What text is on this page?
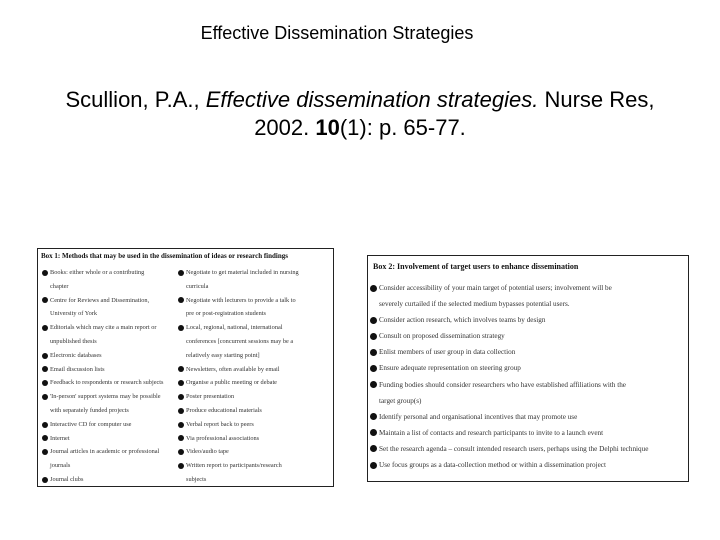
Effective Dissemination Strategies
Scullion, P.A., Effective dissemination strategies. Nurse Res,
2002. 10(1): p. 65-77.
Box 1: Methods that may be used in the dissemination of ideas or research findings
Books: either whole or a contributing
chapter
Centre for Reviews and Dissemination,
University of York
Editorials which may cite a main report or
unpublished thesis
Electronic databases
Email discussion lists
Feedback to respondents or research subjects
'In-person' support systems may be possible
with separately funded projects
Interactive CD for computer use
Internet
Journal articles in academic or professional
journals
Journal clubs
Negotiate to get material included in nursing
curricula
Negotiate with lecturers to provide a talk to
pre or post-registration students
Local, regional, national, international
conferences [concurrent sessions may be a
relatively easy starting point]
Newsletters, often available by email
Organise a public meeting or debate
Poster presentation
Produce educational materials
Verbal report back to peers
Via professional associations
Video/audio tape
Written report to participants/research
subjects
Box 2: Involvement of target users to enhance dissemination
Consider accessibility of your main target of potential users; involvement will be
severely curtailed if the selected medium bypasses potential users.
Consider action research, which involves teams by design
Consult on proposed dissemination strategy
Enlist members of user group in data collection
Ensure adequate representation on steering group
Funding bodies should consider researchers who have established affiliations with the
target group(s)
Identify personal and organisational incentives that may promote use
Maintain a list of contacts and research participants to invite to a launch event
Set the research agenda – consult intended research users, perhaps using the Delphi technique
Use focus groups as a data-collection method or within a dissemination project
